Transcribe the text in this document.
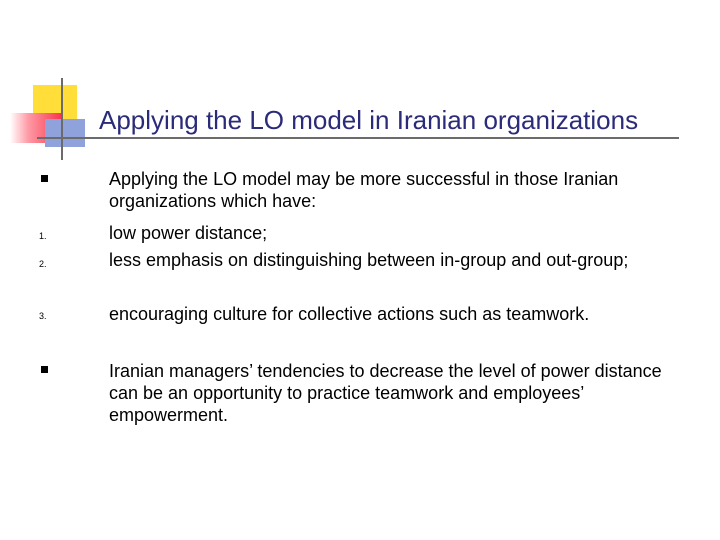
Applying the LO model in Iranian organizations
1.
2.
3.
Applying the LO model may be more successful in those Iranian organizations which have:
low power distance;
less emphasis on distinguishing between in-group and out-group;
encouraging culture for collective actions such as teamwork.
Iranian managers’ tendencies to decrease the level of power distance can be an opportunity to practice teamwork and employees’ empowerment.
